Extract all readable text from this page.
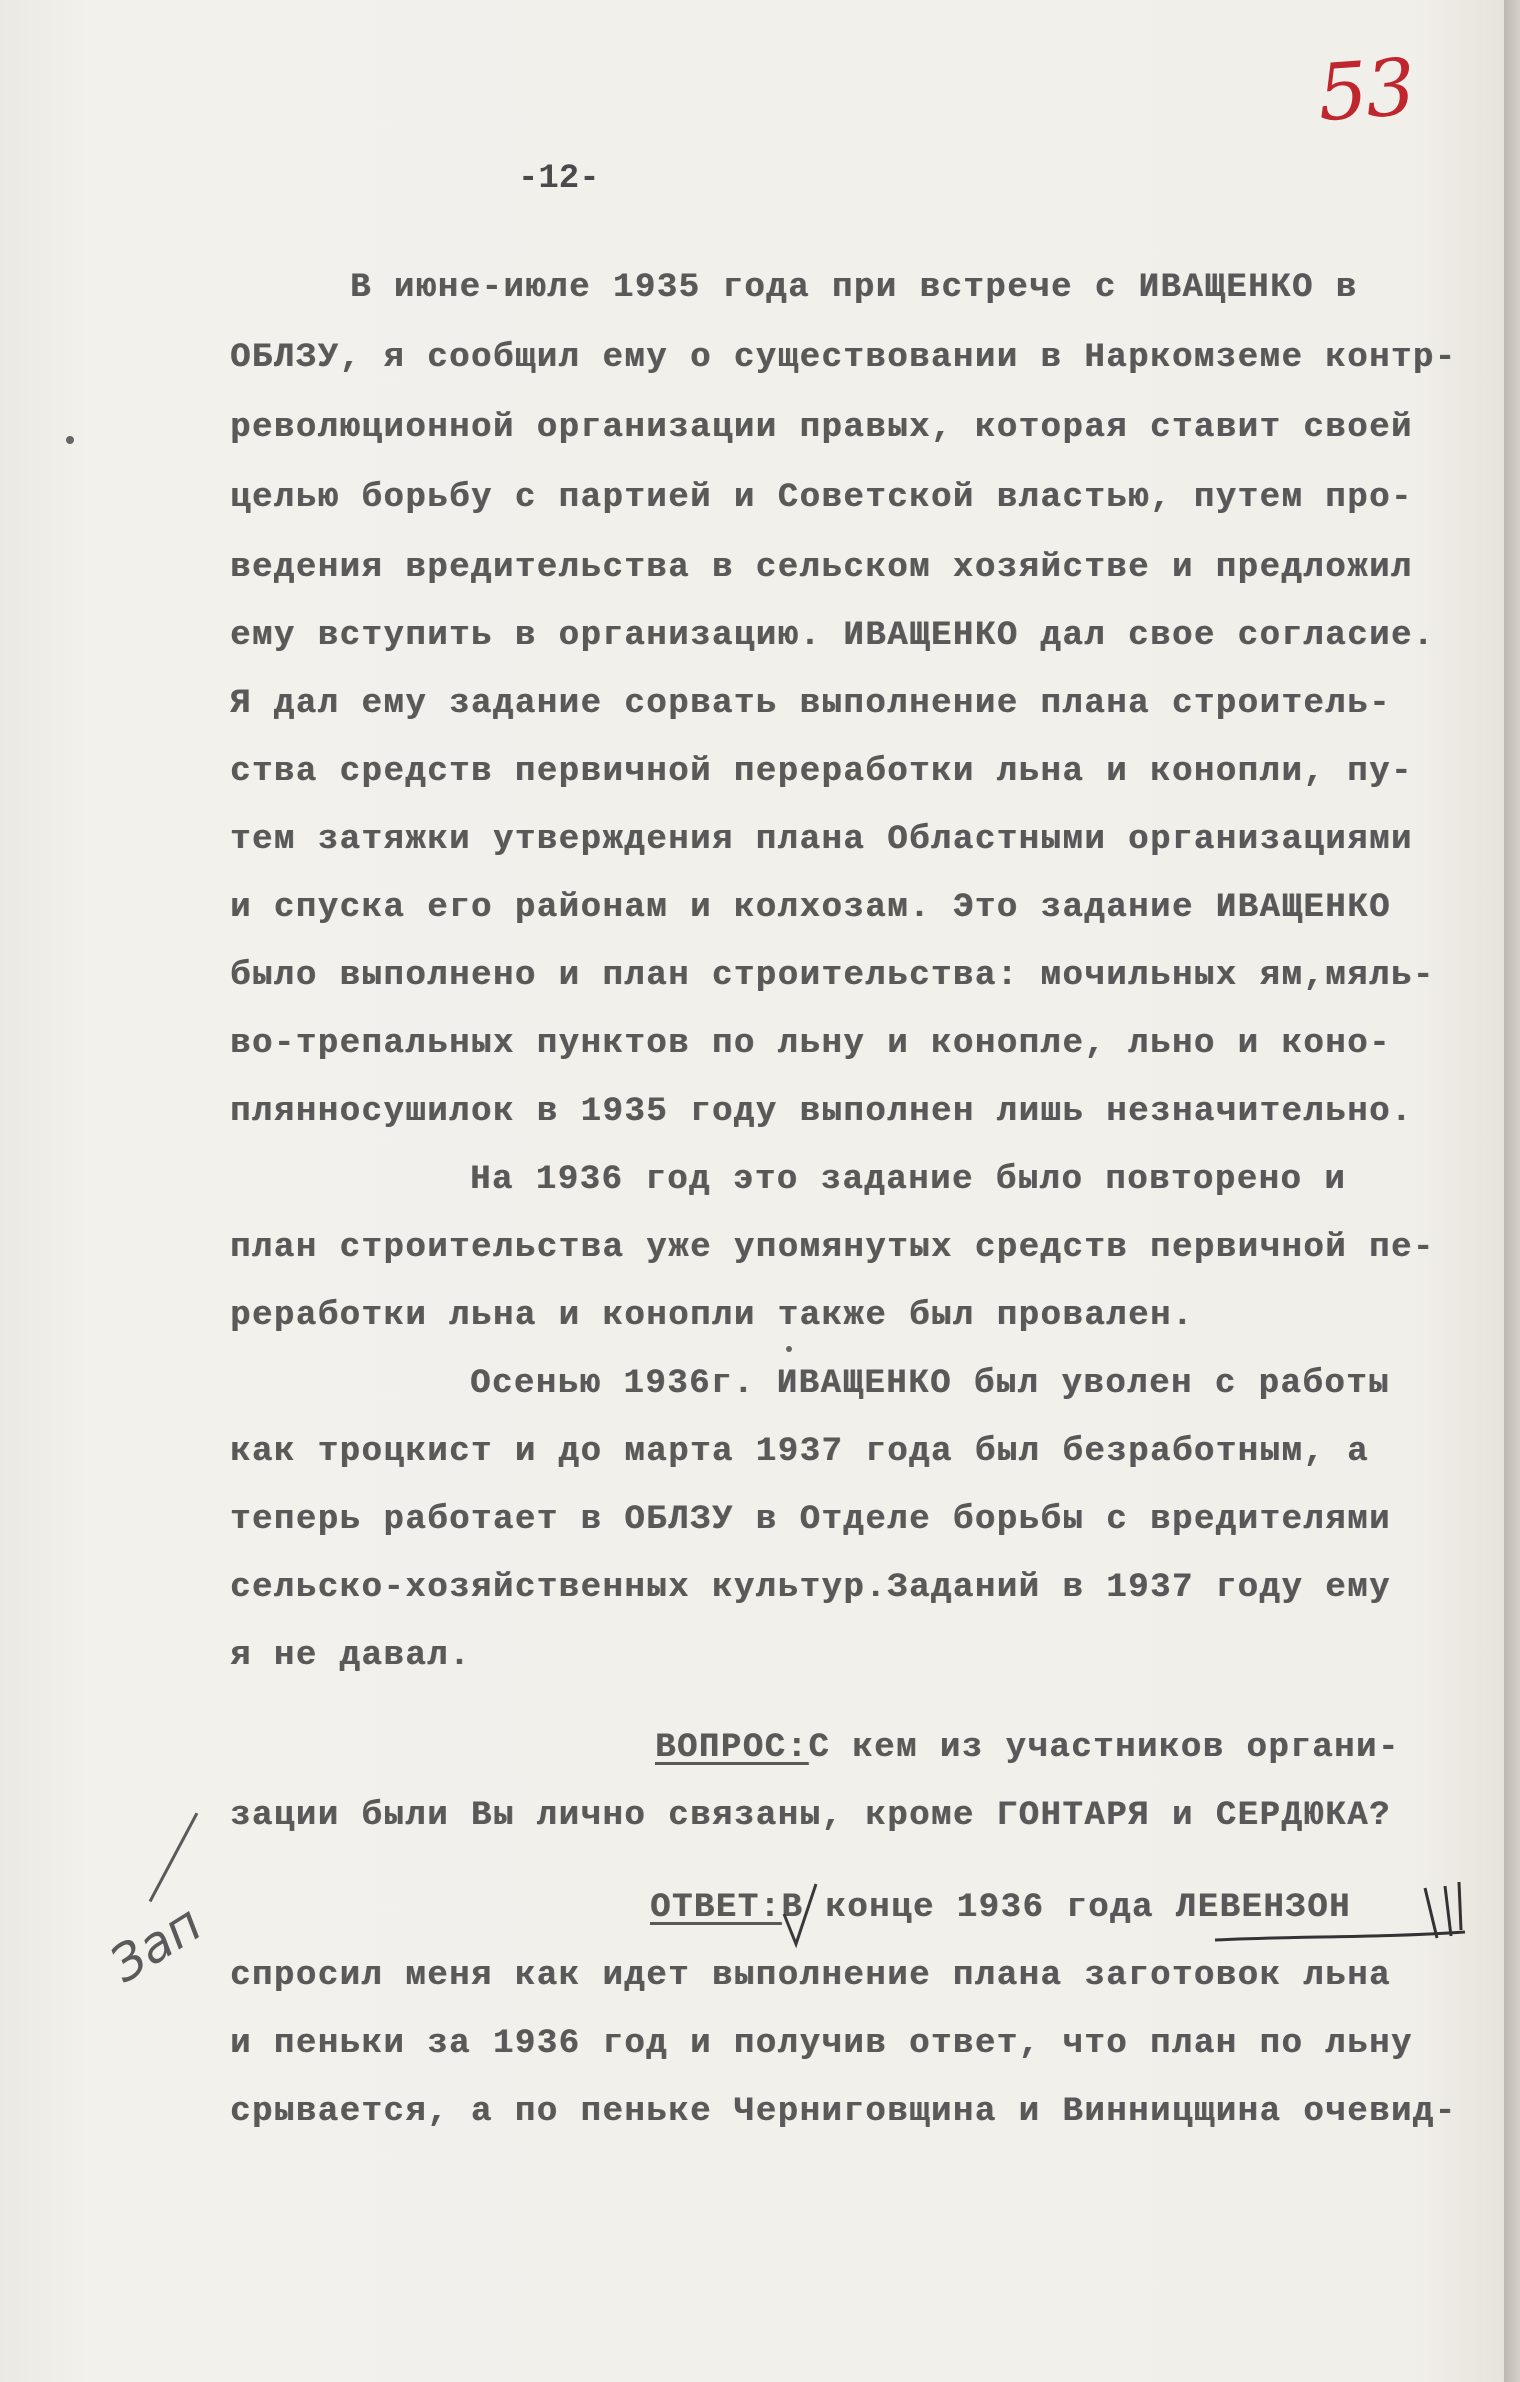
53
-12-

В июне-июле 1935 года при встрече с ИВАЩЕНКО в

ОБЛЗУ, я сообщил ему о существовании в Наркомземе контр-

революционной организации правых, которая ставит своей

целью борьбу с партией и Советской властью, путем про-

ведения вредительства в сельском хозяйстве и предложил

ему вступить в организацию. ИВАЩЕНКО дал свое согласие.

Я дал ему задание сорвать выполнение плана строитель-

ства средств первичной переработки льна и конопли, пу-

тем затяжки утверждения плана Областными организациями

и спуска его районам и колхозам. Это задание ИВАЩЕНКО

было выполнено и план строительства: мочильных ям,мяль-

во-трепальных пунктов по льну и конопле, льно и коно-

плянносушилок в 1935 году выполнен лишь незначительно.

На 1936 год это задание было повторено и

план строительства уже упомянутых средств первичной пе-

реработки льна и конопли также был провален.

Осенью 1936г. ИВАЩЕНКО был уволен с работы

как троцкист и до марта 1937 года был безработным, а

теперь работает в ОБЛЗУ в Отделе борьбы с вредителями

сельско-хозяйственных культур.Заданий в 1937 году ему

я не давал.

ВОПРОС:С кем из участников органи-

зации были Вы лично связаны, кроме ГОНТАРЯ и СЕРДЮКА?

ОТВЕТ:В конце 1936 года ЛЕВЕНЗОН

спросил меня как идет выполнение плана заготовок льна

и пеньки за 1936 год и получив ответ, что план по льну

срывается, а по пеньке Черниговщина и Винницщина очевид-

Зап
